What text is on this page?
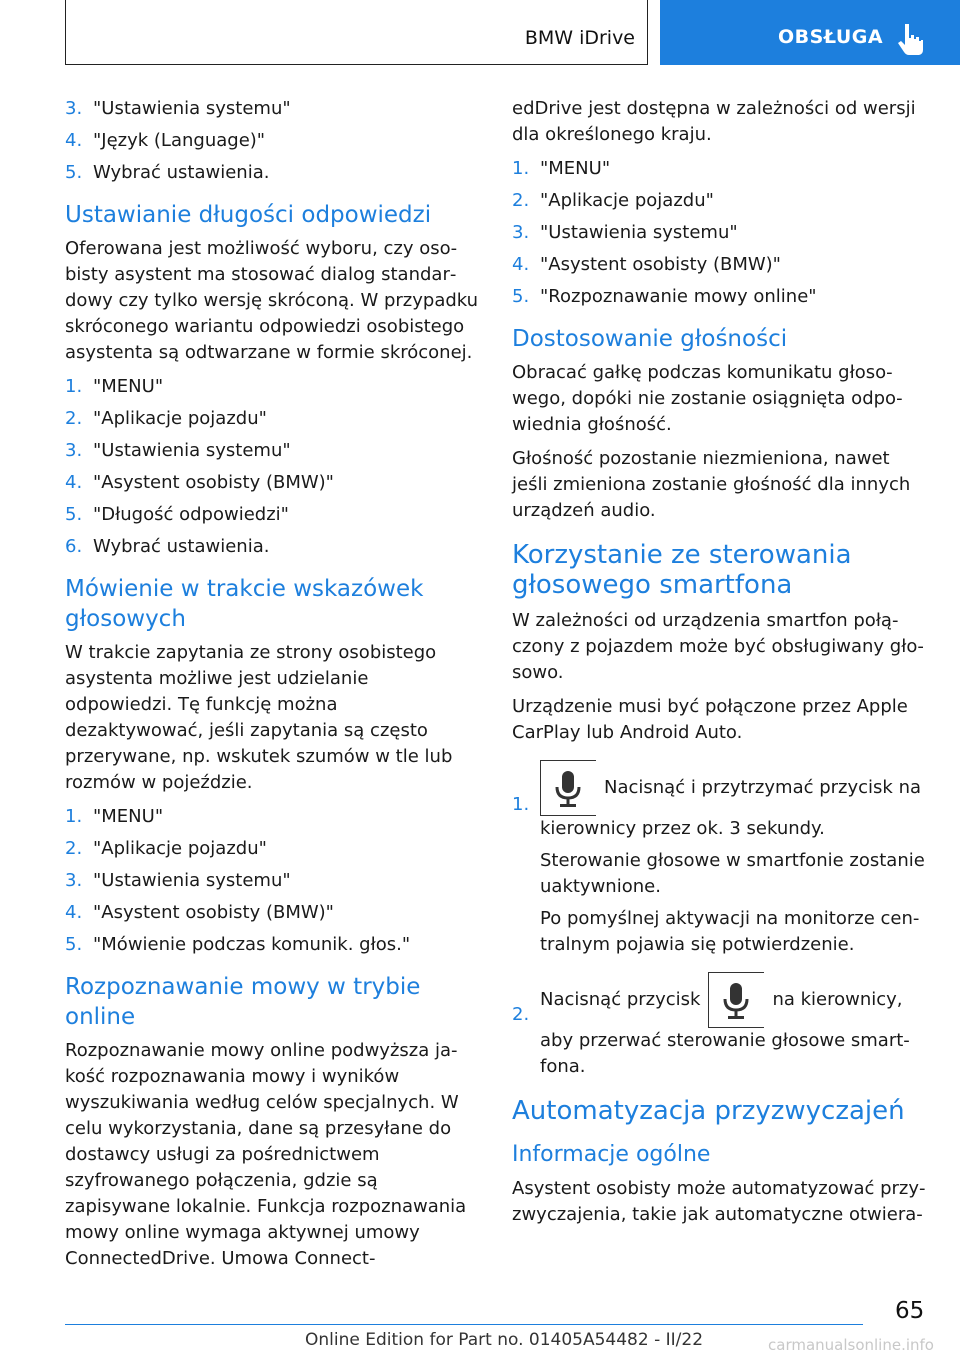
BMW iDrive	OBSŁUGA
3. "Ustawienia systemu"
4. "Język (Language)"
5. Wybrać ustawienia.
Ustawianie długości odpowiedzi

Oferowana jest możliwość wyboru, czy osobisty asystent ma stosować dialog standardowy czy tylko wersję skróconą. W przypadku skróconego wariantu odpowiedzi osobistego asystenta są odtwarzane w formie skróconej.

1. "MENU"
2. "Aplikacje pojazdu"
3. "Ustawienia systemu"
4. "Asystent osobisty (BMW)"
5. "Długość odpowiedzi"
6. Wybrać ustawienia.
Mówienie w trakcie wskazówek głosowych

W trakcie zapytania ze strony osobistego asystenta możliwe jest udzielanie odpowiedzi. Tę funkcję można dezaktywować, jeśli zapytania są często przerywane, np. wskutek szumów w tle lub rozmów w pojeździe.

1. "MENU"
2. "Aplikacje pojazdu"
3. "Ustawienia systemu"
4. "Asystent osobisty (BMW)"
5. "Mówienie podczas komunik. głos."
Rozpoznawanie mowy w trybie online

Rozpoznawanie mowy online podwyższa jakość rozpoznawania mowy i wyników wyszukiwania według celów specjalnych. W celu wykorzystania, dane są przesyłane do dostawcy usługi za pośrednictwem szyfrowanego połączenia, gdzie są zapisywane lokalnie. Funkcja rozpoznawania mowy online wymaga aktywnej umowy ConnectedDrive. Umowa Connect-

edDrive jest dostępna w zależności od wersji dla określonego kraju.

1. "MENU"
2. "Aplikacje pojazdu"
3. "Ustawienia systemu"
4. "Asystent osobisty (BMW)"
5. "Rozpoznawanie mowy online"
Dostosowanie głośności

Obracać gałkę podczas komunikatu głosowego, dopóki nie zostanie osiągnięta odpowiednia głośność.

Głośność pozostanie niezmieniona, nawet jeśli zmieniona zostanie głośność dla innych urządzeń audio.

Korzystanie ze sterowania głosowego smartfona

W zależności od urządzenia smartfon połączony z pojazdem może być obsługiwany głosowo.

Urządzenie musi być połączone przez Apple CarPlay lub Android Auto.

1.
Nacisnąć i przytrzymać przycisk na kierownicy przez ok. 3 sekundy.
Sterowanie głosowe w smartfonie zostanie uaktywnione.
Po pomyślnej aktywacji na monitorze centralnym pojawia się potwierdzenie.
2.
Nacisnąć przycisk	na kierownicy, aby przerwać sterowanie głosowe smartfona.
Automatyzacja przyzwyczajeń
Informacje ogólne

Asystent osobisty może automatyzować przyzwyczajenia, takie jak automatyczne otwiera-

65
Online Edition for Part no. 01405A54482 - II/22	carmanualsonline.info
